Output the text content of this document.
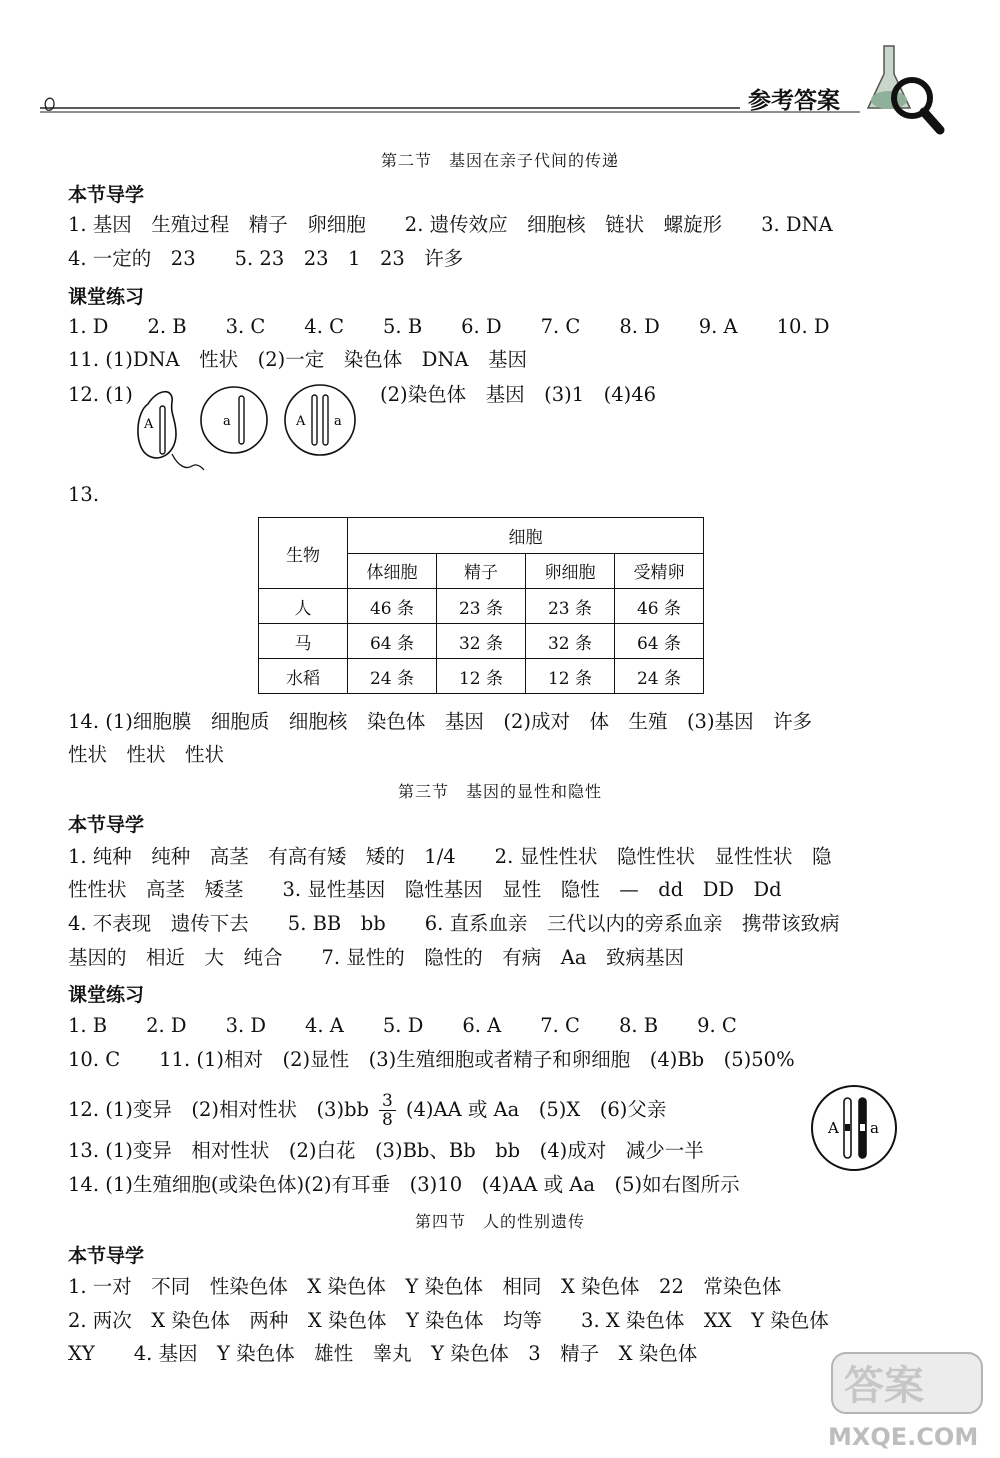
参考答案
第二节　基因在亲子代间的传递
本节导学
1. 基因　生殖过程　精子　卵细胞　　2. 遗传效应　细胞核　链状　螺旋形　　3. DNA
4. 一定的　23　　5. 23　23　1　23　许多
课堂练习
1. D　　2. B　　3. C　　4. C　　5. B　　6. D　　7. C　　8. D　　9. A　　10. D
11. (1)DNA　性状　(2)一定　染色体　DNA　基因
12. (1)	(2)染色体　基因　(3)1　(4)46
A	a	A a
13.
生物	细胞			
	体细胞	精子	卵细胞	受精卵
人	46 条	23 条	23 条	46 条
马	64 条	32 条	32 条	64 条
水稻	24 条	12 条	12 条	24 条
14. (1)细胞膜　细胞质　细胞核　染色体　基因　(2)成对　体　生殖　(3)基因　许多
性状　性状　性状
第三节　基因的显性和隐性
本节导学
1. 纯种　纯种　高茎　有高有矮　矮的　1/4　　2. 显性性状　隐性性状　显性性状　隐
性性状　高茎　矮茎　　3. 显性基因　隐性基因　显性　隐性　—　dd　DD　Dd
4. 不表现　遗传下去　　5. BB　bb　　6. 直系血亲　三代以内的旁系血亲　携带该致病
基因的　相近　大　纯合　　7. 显性的　隐性的　有病　Aa　致病基因
课堂练习
1. B　　2. D　　3. D　　4. A　　5. D　　6. A　　7. C　　8. B　　9. C
10. C　　11. (1)相对　(2)显性　(3)生殖细胞或者精子和卵细胞　(4)Bb　(5)50%
12. (1)变异　(2)相对性状　$(3)bb \frac{3}{8} (4)AA$ 或 Aa　(5)X　(6)父亲
A a
13. (1)变异　相对性状　(2)白花　(3)Bb、Bb　bb　(4)成对　减少一半
14. (1)生殖细胞(或染色体)(2)有耳垂　(3)10　(4)AA 或 Aa　(5)如右图所示
第四节　人的性别遗传
本节导学
1. 一对　不同　性染色体　X 染色体　Y 染色体　相同　X 染色体　22　常染色体
2. 两次　X 染色体　两种　X 染色体　Y 染色体　均等　　3. X 染色体　XX　Y 染色体
XY　　4. 基因　Y 染色体　雄性　睾丸　Y 染色体　3　精子　X 染色体
答案
MXQE.COM
